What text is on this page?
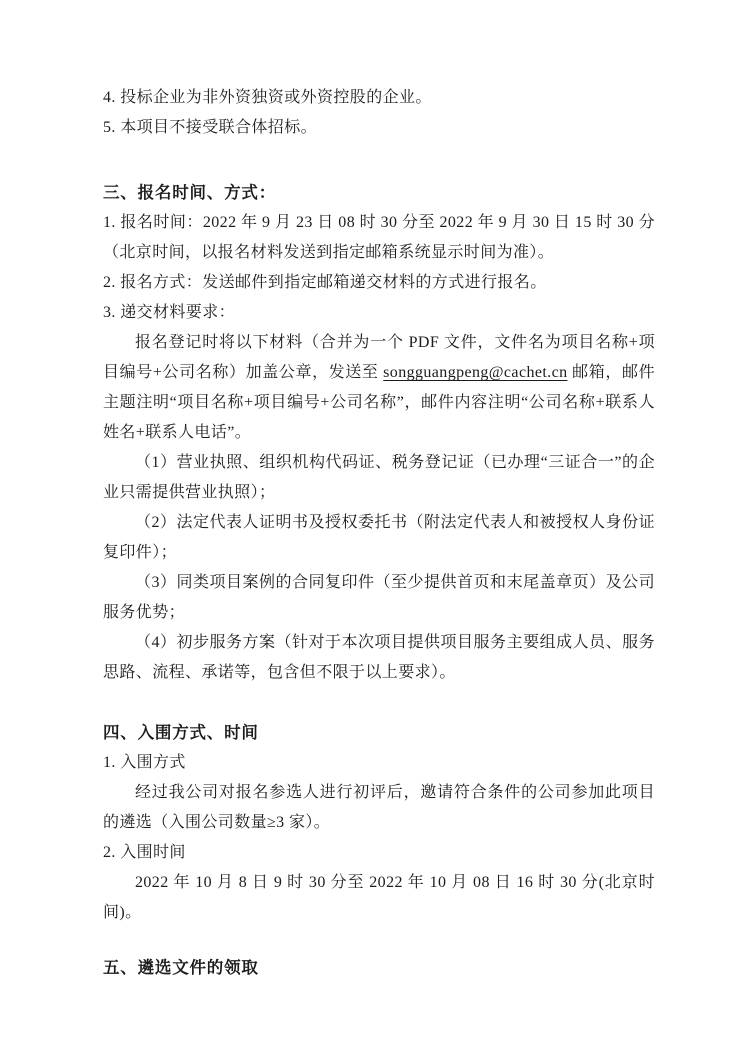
4. 投标企业为非外资独资或外资控股的企业。

5. 本项目不接受联合体招标。

三、报名时间、方式：

1. 报名时间：2022 年 9 月 23 日 08 时 30 分至 2022 年 9 月 30 日 15 时 30 分（北京时间，以报名材料发送到指定邮箱系统显示时间为准）。

2. 报名方式：发送邮件到指定邮箱递交材料的方式进行报名。

3. 递交材料要求：

报名登记时将以下材料（合并为一个 PDF 文件，文件名为项目名称+项目编号+公司名称）加盖公章，发送至 songguangpeng@cachet.cn 邮箱，邮件主题注明“项目名称+项目编号+公司名称”，邮件内容注明“公司名称+联系人姓名+联系人电话”。

（1）营业执照、组织机构代码证、税务登记证（已办理“三证合一”的企业只需提供营业执照）；

（2）法定代表人证明书及授权委托书（附法定代表人和被授权人身份证复印件）；

（3）同类项目案例的合同复印件（至少提供首页和末尾盖章页）及公司服务优势；

（4）初步服务方案（针对于本次项目提供项目服务主要组成人员、服务思路、流程、承诺等，包含但不限于以上要求）。

四、入围方式、时间

1. 入围方式

经过我公司对报名参选人进行初评后，邀请符合条件的公司参加此项目的遴选（入围公司数量≥3 家）。

2. 入围时间

2022 年 10 月 8 日 9 时 30 分至 2022 年 10 月 08 日 16 时 30 分(北京时间)。

五、遴选文件的领取
